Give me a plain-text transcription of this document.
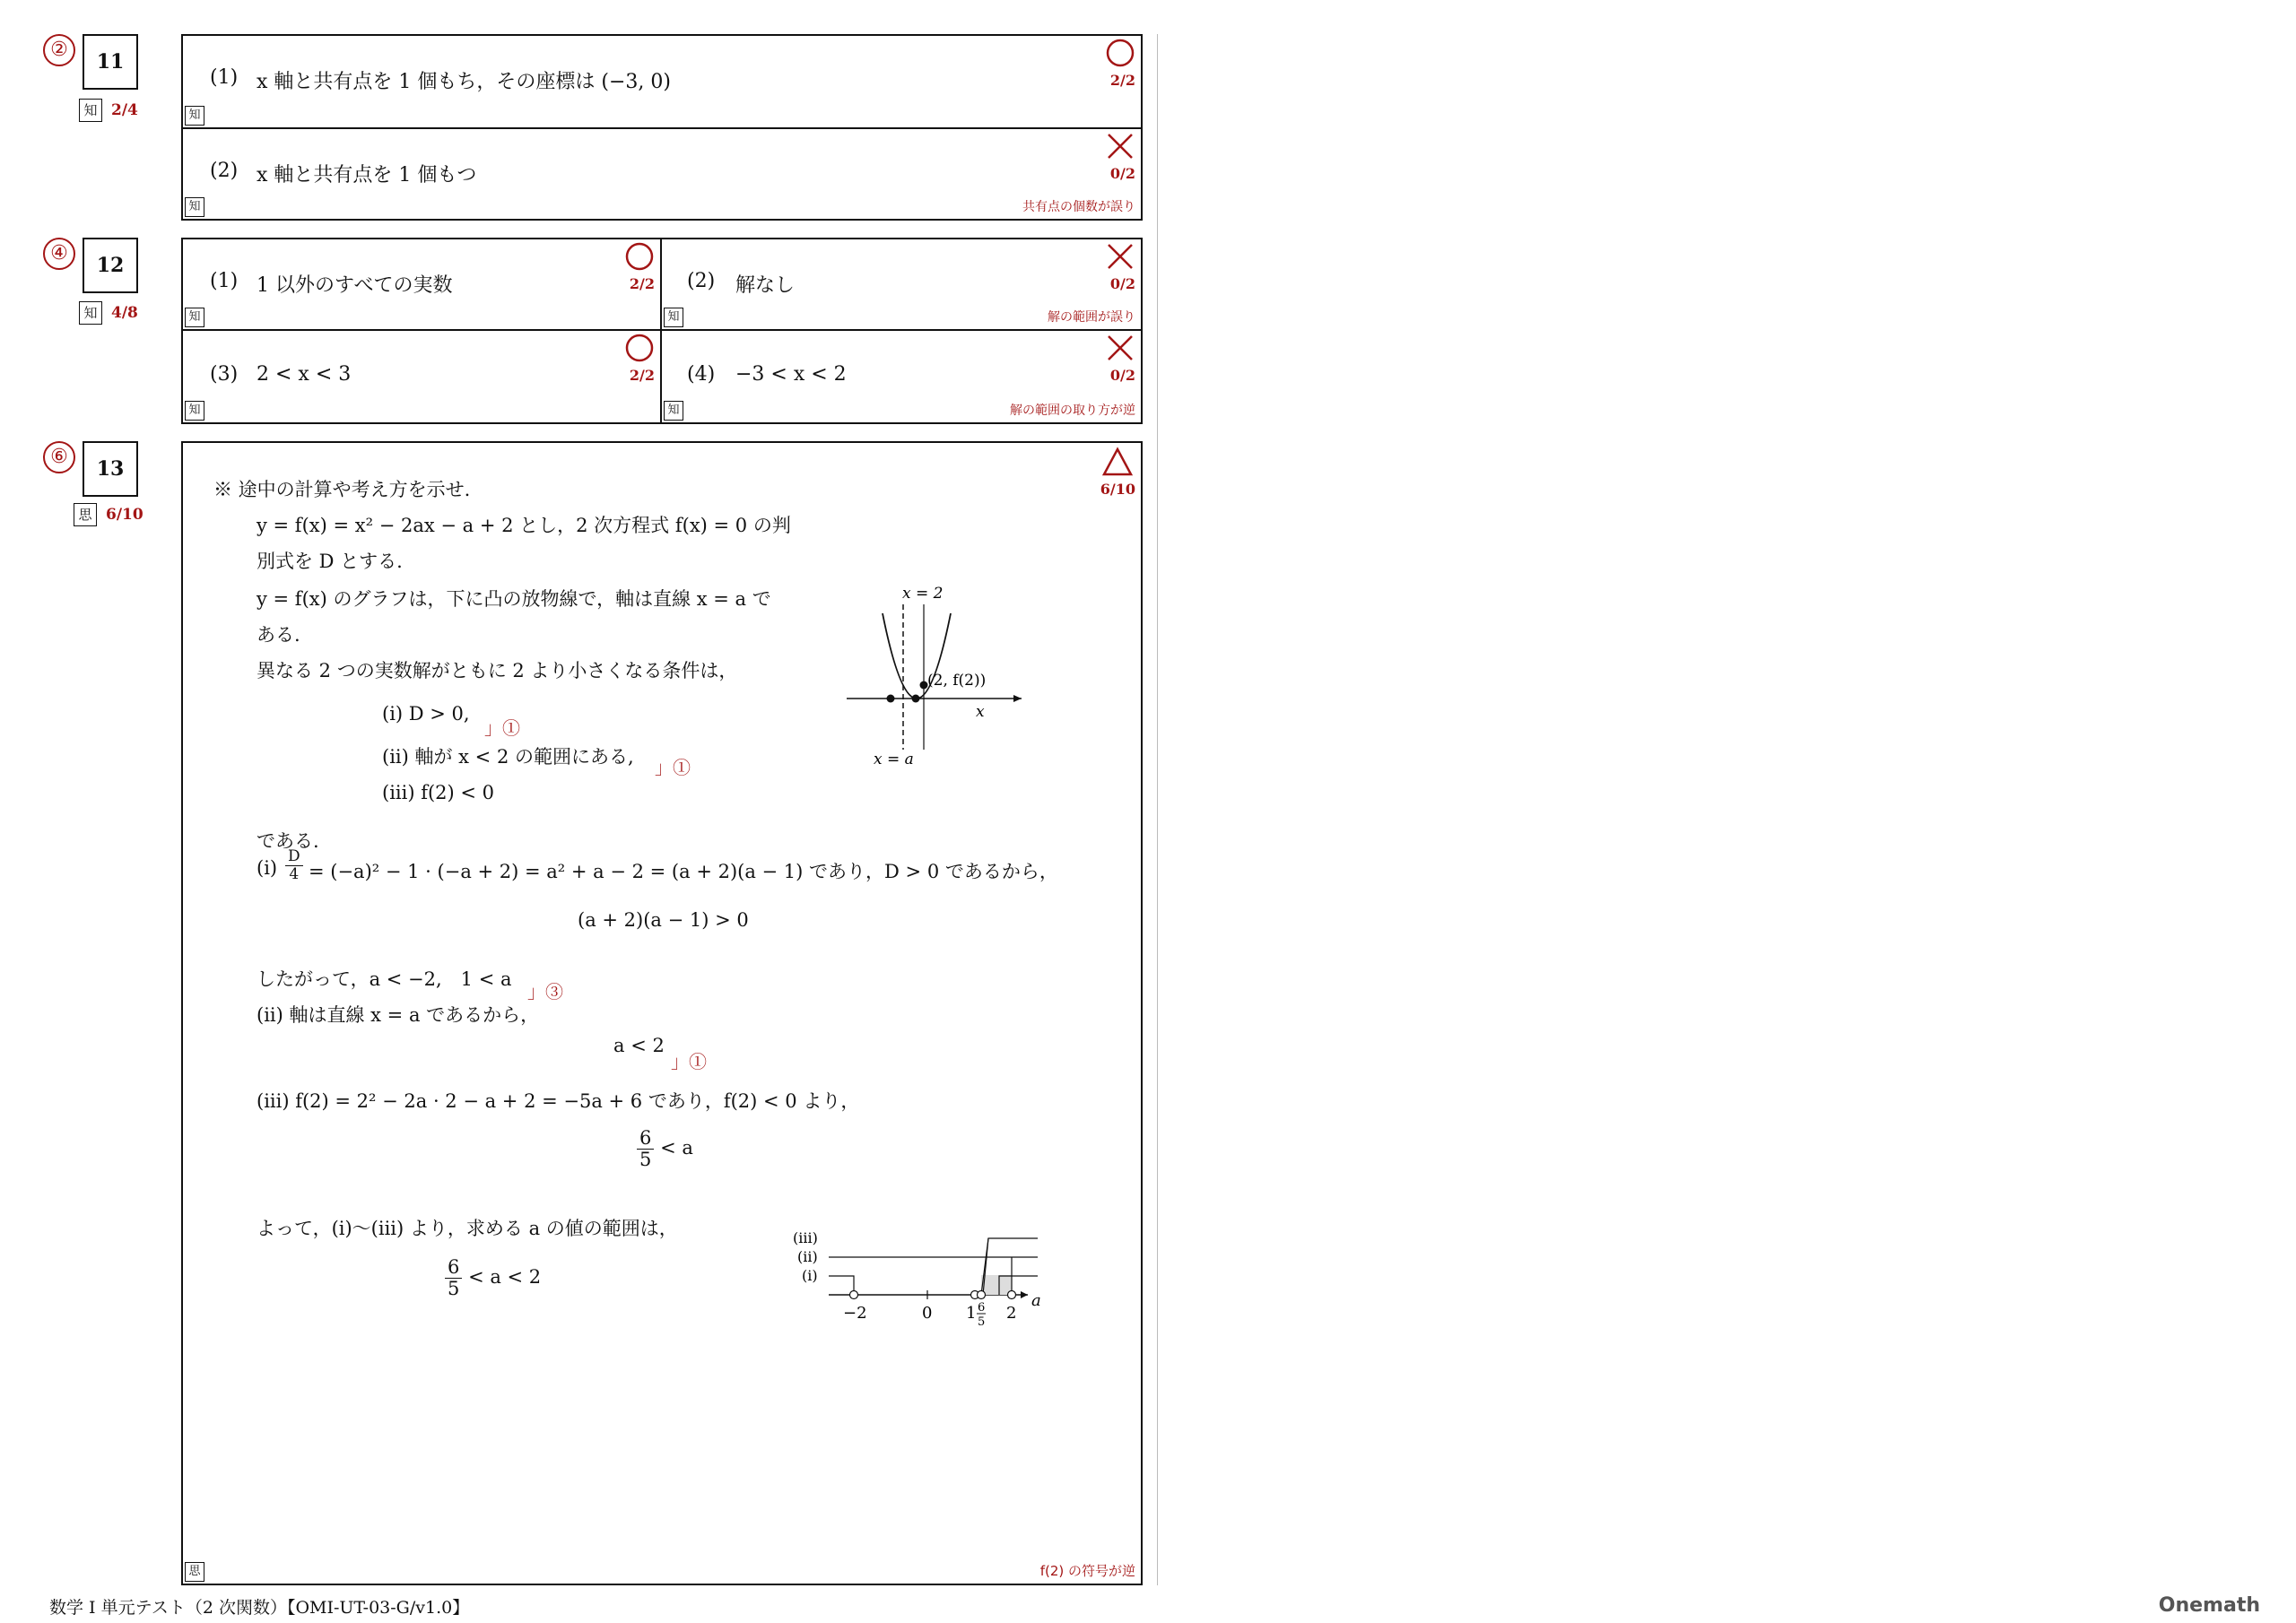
②
11
知 2/4
(1) x 軸と共有点を 1 個もち，その座標は (−3, 0)
知
2/2
(2) x 軸と共有点を 1 個もつ
知
0/2
共有点の個数が誤り
④
12
知 4/8
(1) 1 以外のすべての実数
知
2/2 (2) 解なし
知
0/2
解の範囲が誤り
(3) 2 < x < 3
知
2/2 (4) −3 < x < 2
知
0/2
解の範囲の取り方が逆
⑥
13
思 6/10
6/10
思	f(2) の符号が逆
※ 途中の計算や考え方を示せ.
y = f(x) = x² − 2ax − a + 2 とし，2 次方程式 f(x) = 0 の判
別式を D とする.
y = f(x) のグラフは，下に凸の放物線で，軸は直線 x = a で
ある.
異なる 2 つの実数解がともに 2 より小さくなる条件は，
(i) D > 0,
」①
(ii) 軸が x < 2 の範囲にある, 」①
(iii) f(2) < 0
x = 2
(2, f(2))
x
x = a
である.
$(i) \frac{D}{4} = (-a)^2 - 1 \cdot (-a + 2) = a^2 + a - 2 = (a + 2)(a - 1)$ であり，D > 0 であるから，
(a + 2)(a − 1) > 0
したがって，a < −2,　1 < a
」③
(ii) 軸は直線 x = a であるから，
a < 2
」①
(iii) f(2) = 2² − 2a · 2 − a + 2 = −5a + 6 であり，f(2) < 0 より，
$\frac{6}{5} < a$
よって，(i)〜(iii) より，求める a の値の範囲は，
$\frac{6}{5} < a < 2$
(iii)
(ii)
(i)
−2	0 1 6
5 2
a
数学 I 単元テスト（2 次関数）【OMI-UT-03-G/v1.0】	Onemath
